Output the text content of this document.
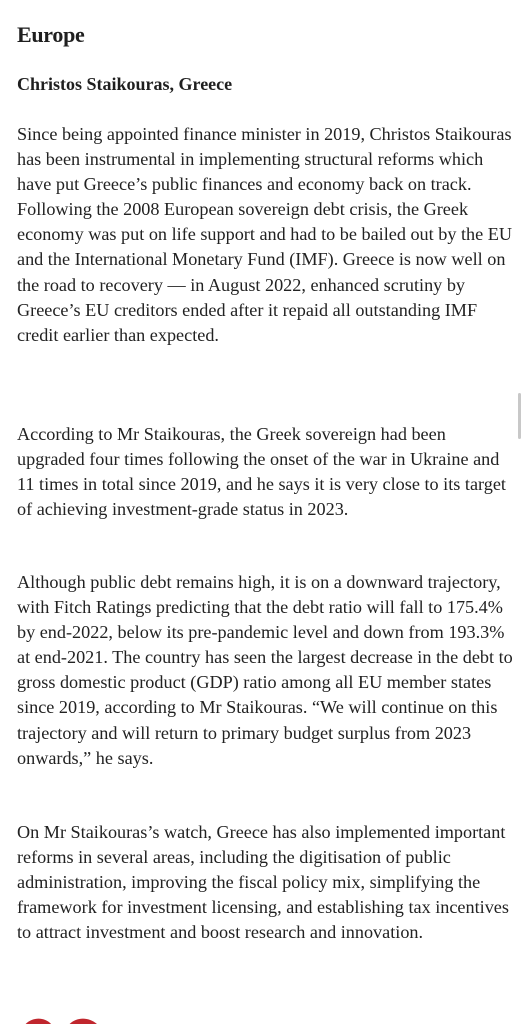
Europe
Christos Staikouras, Greece

Since being appointed finance minister in 2019, Christos Staikouras has been instrumental in implementing structural reforms which have put Greece’s public finances and economy back on track. Following the 2008 European sovereign debt crisis, the Greek economy was put on life support and had to be bailed out by the EU and the International Monetary Fund (IMF). Greece is now well on the road to recovery — in August 2022, enhanced scrutiny by Greece’s EU creditors ended after it repaid all outstanding IMF credit earlier than expected.

According to Mr Staikouras, the Greek sovereign had been upgraded four times following the onset of the war in Ukraine and 11 times in total since 2019, and he says it is very close to its target of achieving investment-grade status in 2023.

Although public debt remains high, it is on a downward trajectory, with Fitch Ratings predicting that the debt ratio will fall to 175.4% by end-2022, below its pre-pandemic level and down from 193.3% at end-2021. The country has seen the largest decrease in the debt to gross domestic product (GDP) ratio among all EU member states since 2019, according to Mr Staikouras. “We will continue on this trajectory and will return to primary budget surplus from 2023 onwards,” he says.

On Mr Staikouras’s watch, Greece has also implemented important reforms in several areas, including the digitisation of public administration, improving the fiscal policy mix, simplifying the framework for investment licensing, and establishing tax incentives to attract investment and boost research and innovation.
